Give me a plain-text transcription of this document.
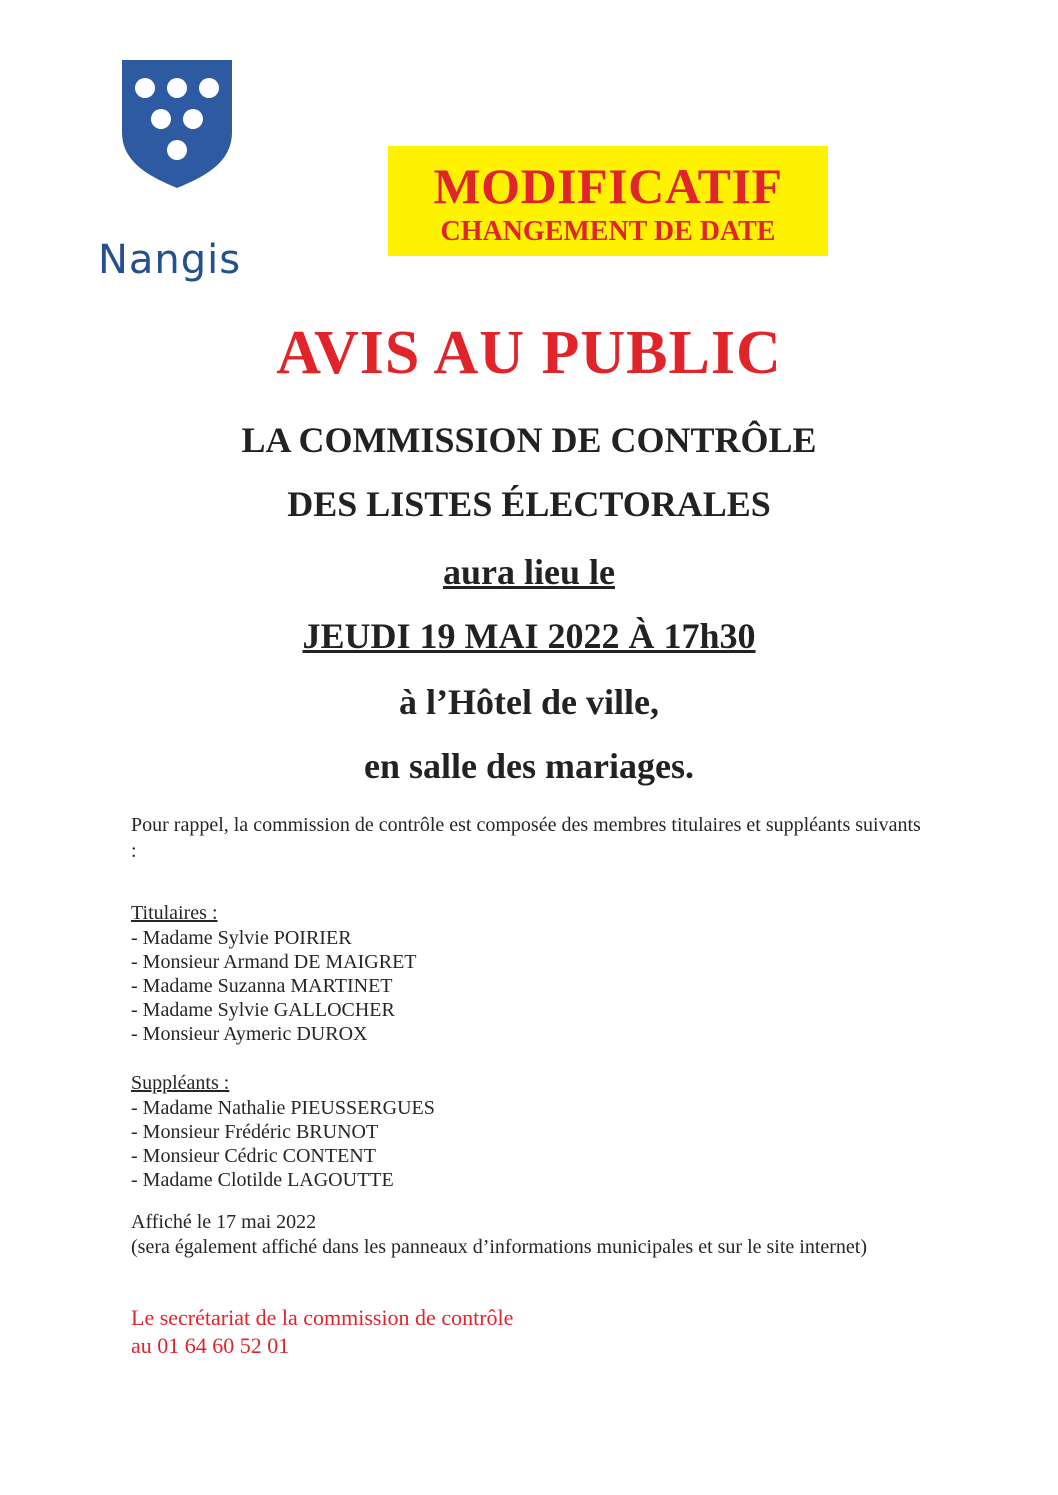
Nangis
MODIFICATIF
CHANGEMENT DE DATE
AVIS AU PUBLIC
LA COMMISSION DE CONTRÔLE
DES LISTES ÉLECTORALES
aura lieu le
JEUDI 19 MAI 2022 À 17h30
à l’Hôtel de ville,
en salle des mariages.
Pour rappel, la commission de contrôle est composée des membres titulaires et suppléants suivants :
Titulaires :
- Madame Sylvie POIRIER
- Monsieur Armand DE MAIGRET
- Madame Suzanna MARTINET
- Madame Sylvie GALLOCHER
- Monsieur Aymeric DUROX
Suppléants :
- Madame Nathalie PIEUSSERGUES
- Monsieur Frédéric BRUNOT
- Monsieur Cédric CONTENT
- Madame Clotilde LAGOUTTE
Affiché le 17 mai 2022
(sera également affiché dans les panneaux d’informations municipales et sur le site internet)
Le secrétariat de la commission de contrôle
au 01 64 60 52 01
